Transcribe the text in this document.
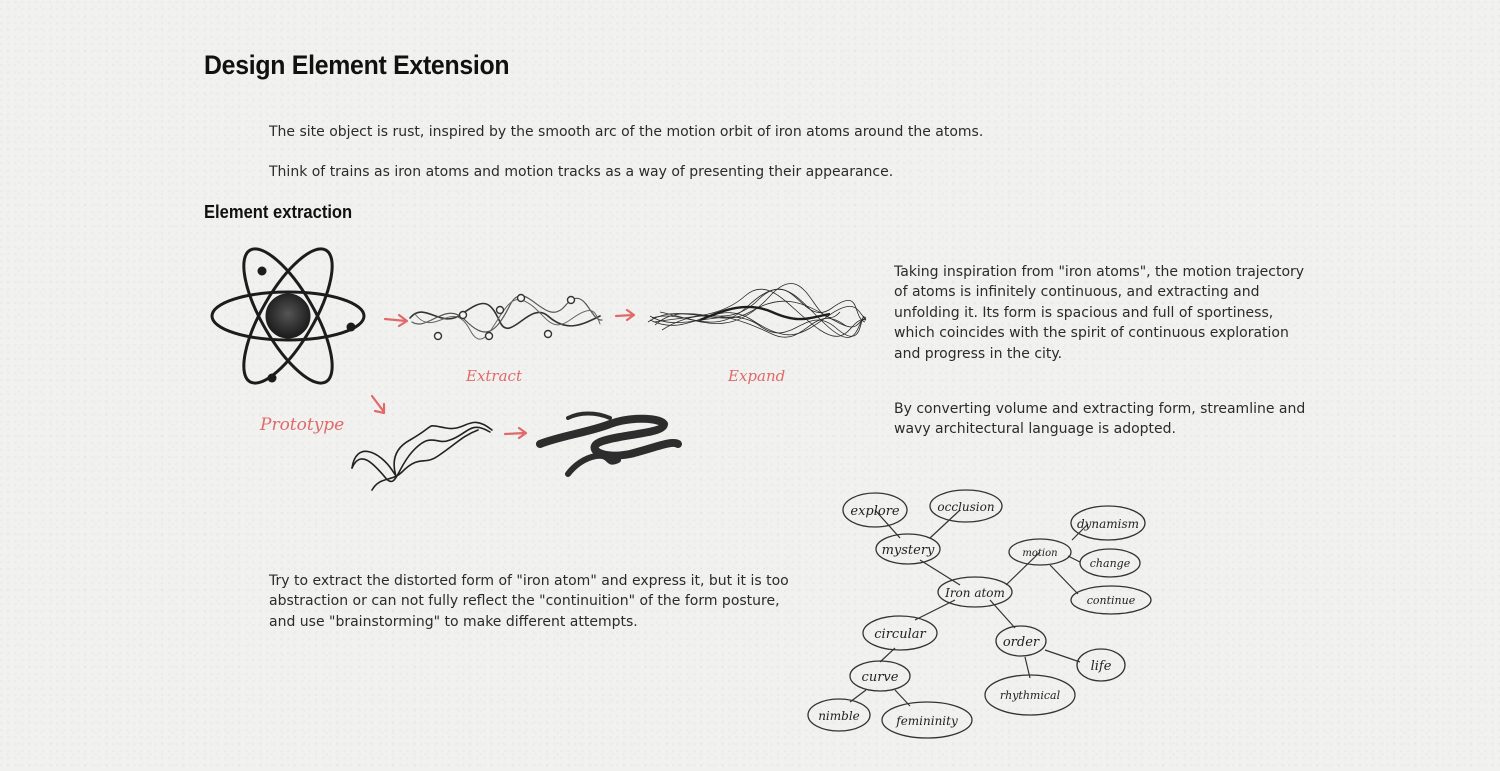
Design Element Extension
The site object is rust, inspired by the smooth arc of the motion orbit of iron atoms around the atoms.
Think of trains as iron atoms and motion tracks as a way of presenting their appearance.
Element extraction
Taking inspiration from "iron atoms", the motion trajectory of atoms is infinitely continuous, and extracting and unfolding it. Its form is spacious and full of sportiness, which coincides with the spirit of continuous exploration and progress in the city.
By converting volume and extracting form, streamline and wavy architectural language is adopted.
Try to extract the distorted form of "iron atom" and express it, but it is too abstraction or can not fully reflect the "continuition" of the form posture, and use "brainstorming" to make different attempts.
Prototype
Extract	Expand
explore	occlusion
mystery	motion
dynamism
change
continue
Iron atom
circular
order
curve
life
rhythmical
nimble	femininity
